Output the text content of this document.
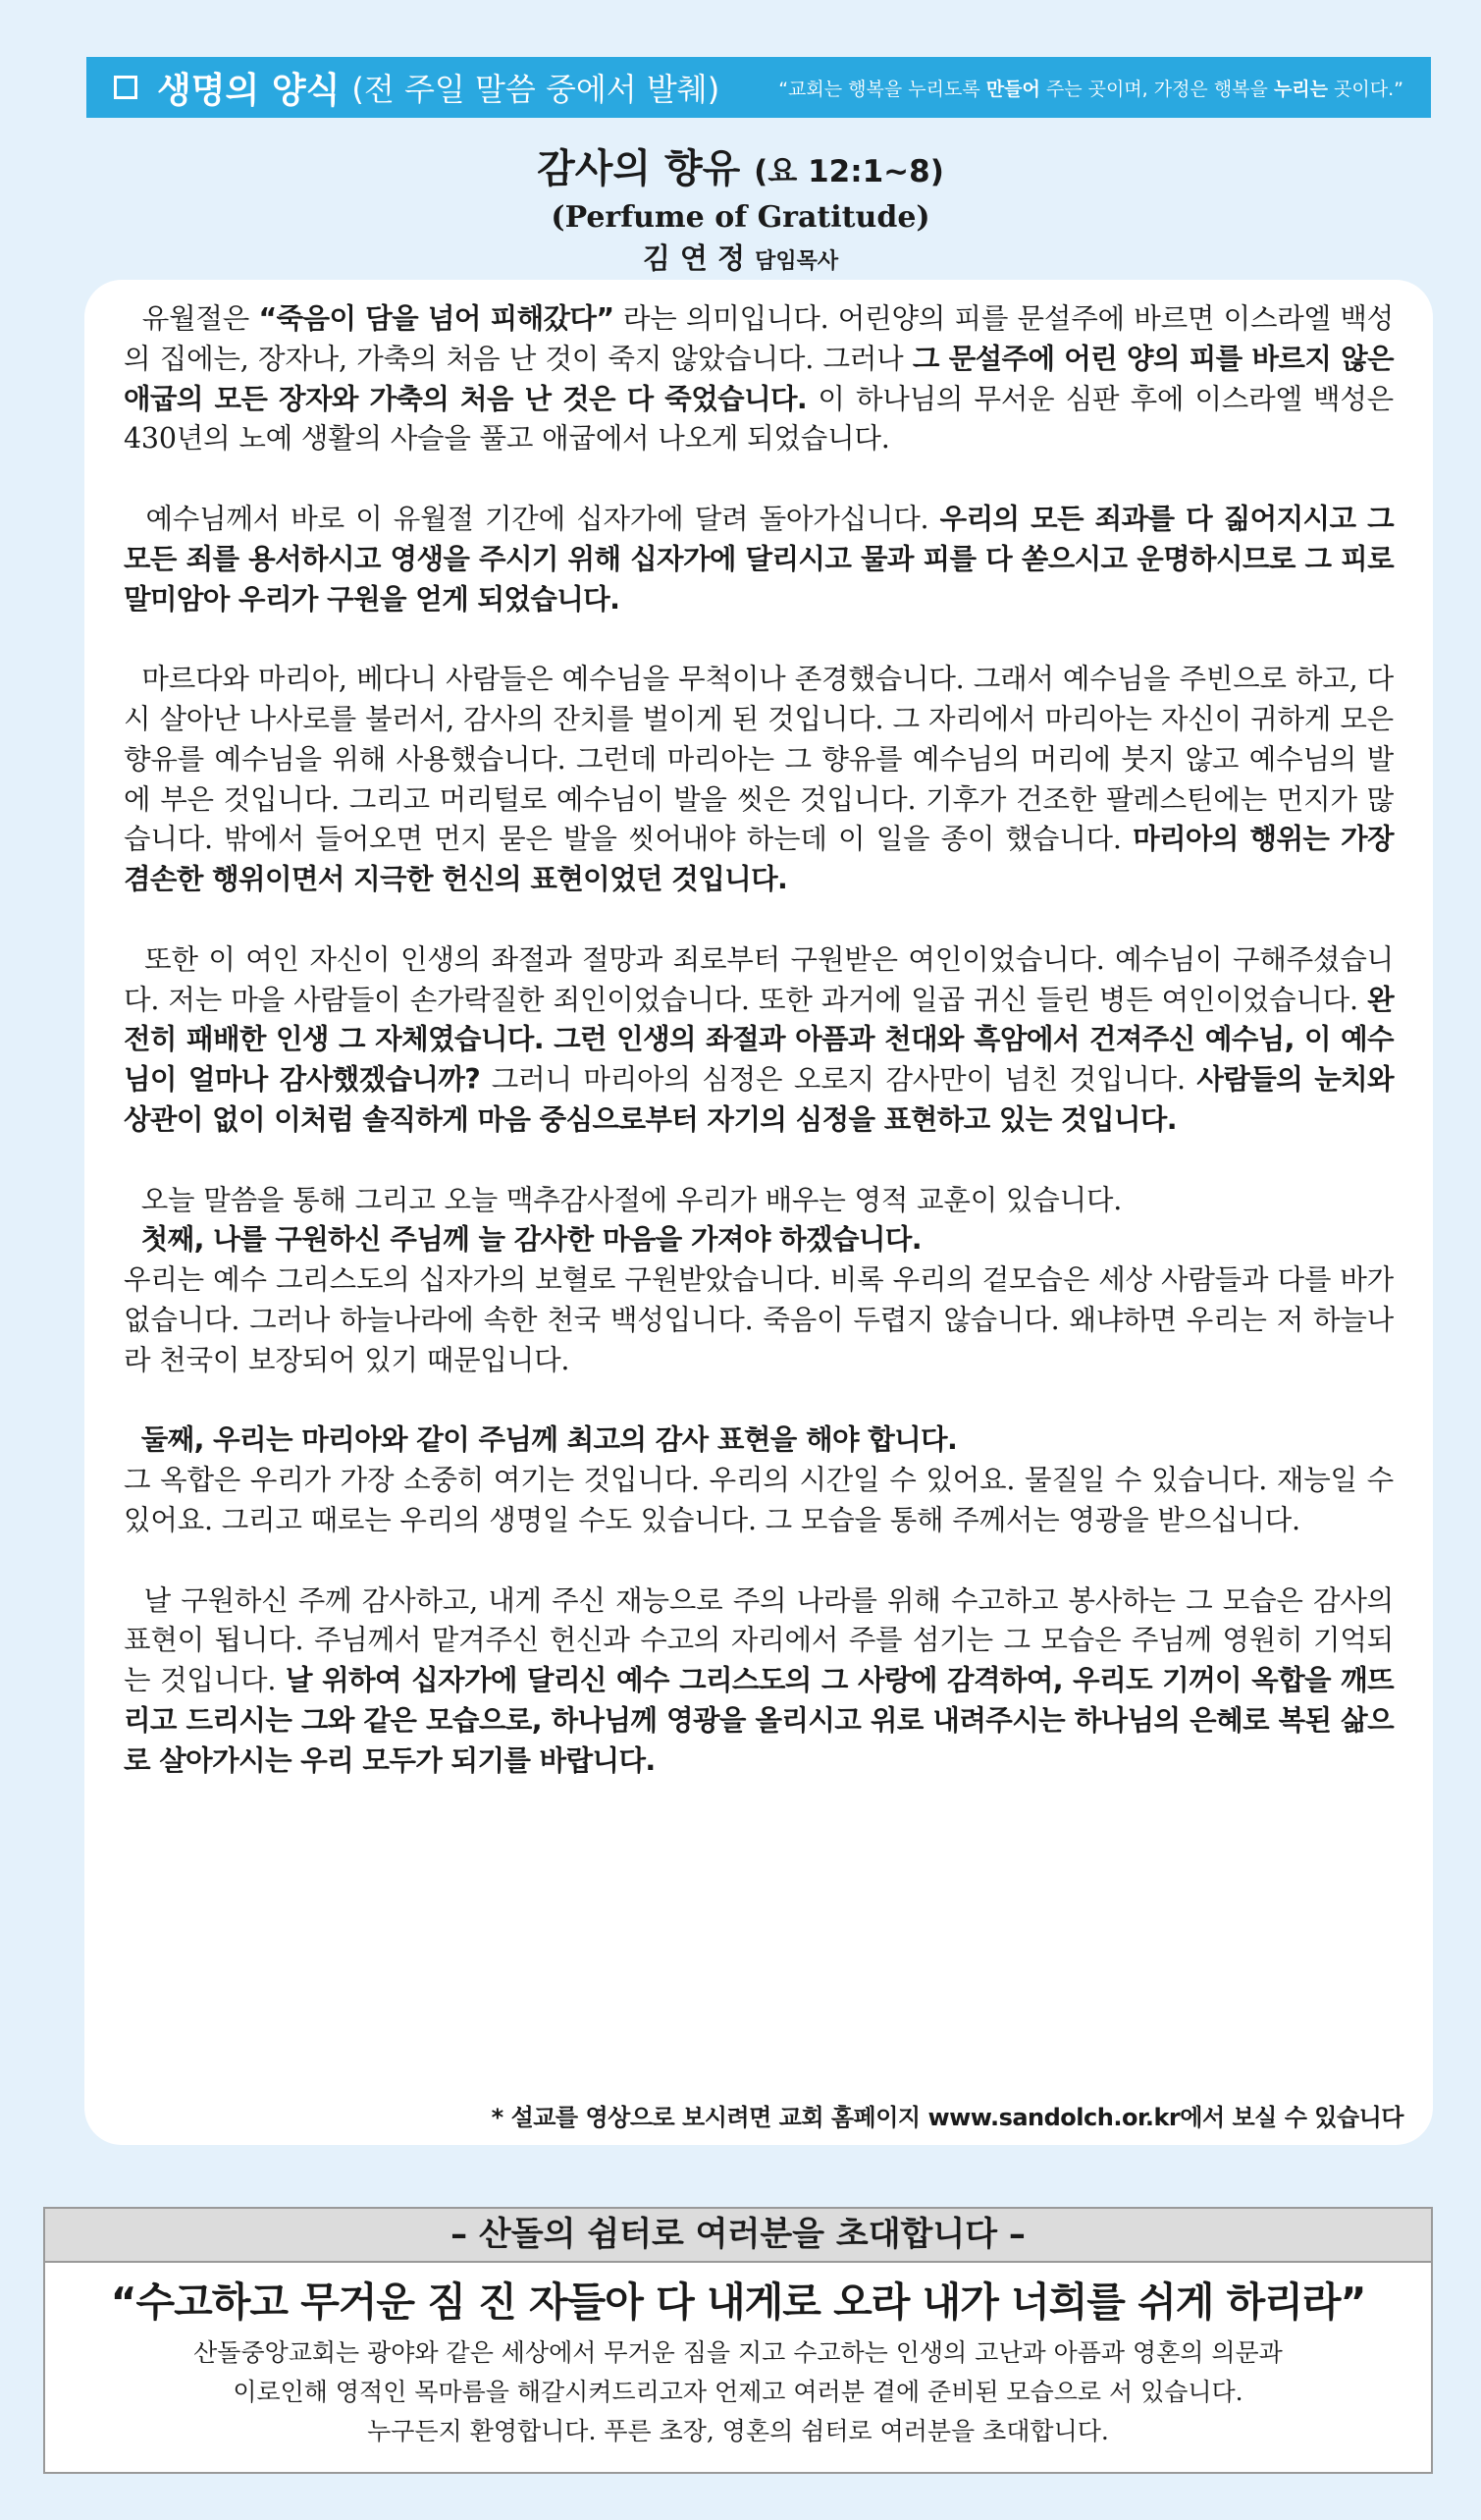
생명의 양식 (전 주일 말씀 중에서 발췌)	“교회는 행복을 누리도록 만들어 주는 곳이며, 가정은 행복을 누리는 곳이다.”
감사의 향유 (요 12:1~8)
(Perfume of Gratitude)
김 연 정 담임목사

유월절은 “죽음이 담을 넘어 피해갔다” 라는 의미입니다. 어린양의 피를 문설주에 바르면 이스라엘 백성의 집에는, 장자나, 가축의 처음 난 것이 죽지 않았습니다. 그러나 그 문설주에 어린 양의 피를 바르지 않은 애굽의 모든 장자와 가축의 처음 난 것은 다 죽었습니다. 이 하나님의 무서운 심판 후에 이스라엘 백성은 430년의 노예 생활의 사슬을 풀고 애굽에서 나오게 되었습니다.

예수님께서 바로 이 유월절 기간에 십자가에 달려 돌아가십니다. 우리의 모든 죄과를 다 짊어지시고 그 모든 죄를 용서하시고 영생을 주시기 위해 십자가에 달리시고 물과 피를 다 쏟으시고 운명하시므로 그 피로 말미암아 우리가 구원을 얻게 되었습니다.

마르다와 마리아, 베다니 사람들은 예수님을 무척이나 존경했습니다. 그래서 예수님을 주빈으로 하고, 다시 살아난 나사로를 불러서, 감사의 잔치를 벌이게 된 것입니다. 그 자리에서 마리아는 자신이 귀하게 모은 향유를 예수님을 위해 사용했습니다. 그런데 마리아는 그 향유를 예수님의 머리에 붓지 않고 예수님의 발에 부은 것입니다. 그리고 머리털로 예수님이 발을 씻은 것입니다. 기후가 건조한 팔레스틴에는 먼지가 많습니다. 밖에서 들어오면 먼지 묻은 발을 씻어내야 하는데 이 일을 종이 했습니다. 마리아의 행위는 가장 겸손한 행위이면서 지극한 헌신의 표현이었던 것입니다.

또한 이 여인 자신이 인생의 좌절과 절망과 죄로부터 구원받은 여인이었습니다. 예수님이 구해주셨습니다. 저는 마을 사람들이 손가락질한 죄인이었습니다. 또한 과거에 일곱 귀신 들린 병든 여인이었습니다. 완전히 패배한 인생 그 자체였습니다. 그런 인생의 좌절과 아픔과 천대와 흑암에서 건져주신 예수님, 이 예수님이 얼마나 감사했겠습니까? 그러니 마리아의 심정은 오로지 감사만이 넘친 것입니다. 사람들의 눈치와 상관이 없이 이처럼 솔직하게 마음 중심으로부터 자기의 심정을 표현하고 있는 것입니다.

오늘 말씀을 통해 그리고 오늘 맥추감사절에 우리가 배우는 영적 교훈이 있습니다.

첫째, 나를 구원하신 주님께 늘 감사한 마음을 가져야 하겠습니다.

우리는 예수 그리스도의 십자가의 보혈로 구원받았습니다. 비록 우리의 겉모습은 세상 사람들과 다를 바가 없습니다. 그러나 하늘나라에 속한 천국 백성입니다. 죽음이 두렵지 않습니다. 왜냐하면 우리는 저 하늘나라 천국이 보장되어 있기 때문입니다.

둘째, 우리는 마리아와 같이 주님께 최고의 감사 표현을 해야 합니다.

그 옥합은 우리가 가장 소중히 여기는 것입니다. 우리의 시간일 수 있어요. 물질일 수 있습니다. 재능일 수 있어요. 그리고 때로는 우리의 생명일 수도 있습니다. 그 모습을 통해 주께서는 영광을 받으십니다.

날 구원하신 주께 감사하고, 내게 주신 재능으로 주의 나라를 위해 수고하고 봉사하는 그 모습은 감사의 표현이 됩니다. 주님께서 맡겨주신 헌신과 수고의 자리에서 주를 섬기는 그 모습은 주님께 영원히 기억되는 것입니다. 날 위하여 십자가에 달리신 예수 그리스도의 그 사랑에 감격하여, 우리도 기꺼이 옥합을 깨뜨리고 드리시는 그와 같은 모습으로, 하나님께 영광을 올리시고 위로 내려주시는 하나님의 은혜로 복된 삶으로 살아가시는 우리 모두가 되기를 바랍니다.

* 설교를 영상으로 보시려면 교회 홈페이지 www.sandolch.or.kr에서 보실 수 있습니다
– 산돌의 쉼터로 여러분을 초대합니다 –
“수고하고 무거운 짐 진 자들아 다 내게로 오라 내가 너희를 쉬게 하리라”
산돌중앙교회는 광야와 같은 세상에서 무거운 짐을 지고 수고하는 인생의 고난과 아픔과 영혼의 의문과
이로인해 영적인 목마름을 해갈시켜드리고자 언제고 여러분 곁에 준비된 모습으로 서 있습니다.
누구든지 환영합니다. 푸른 초장, 영혼의 쉼터로 여러분을 초대합니다.
